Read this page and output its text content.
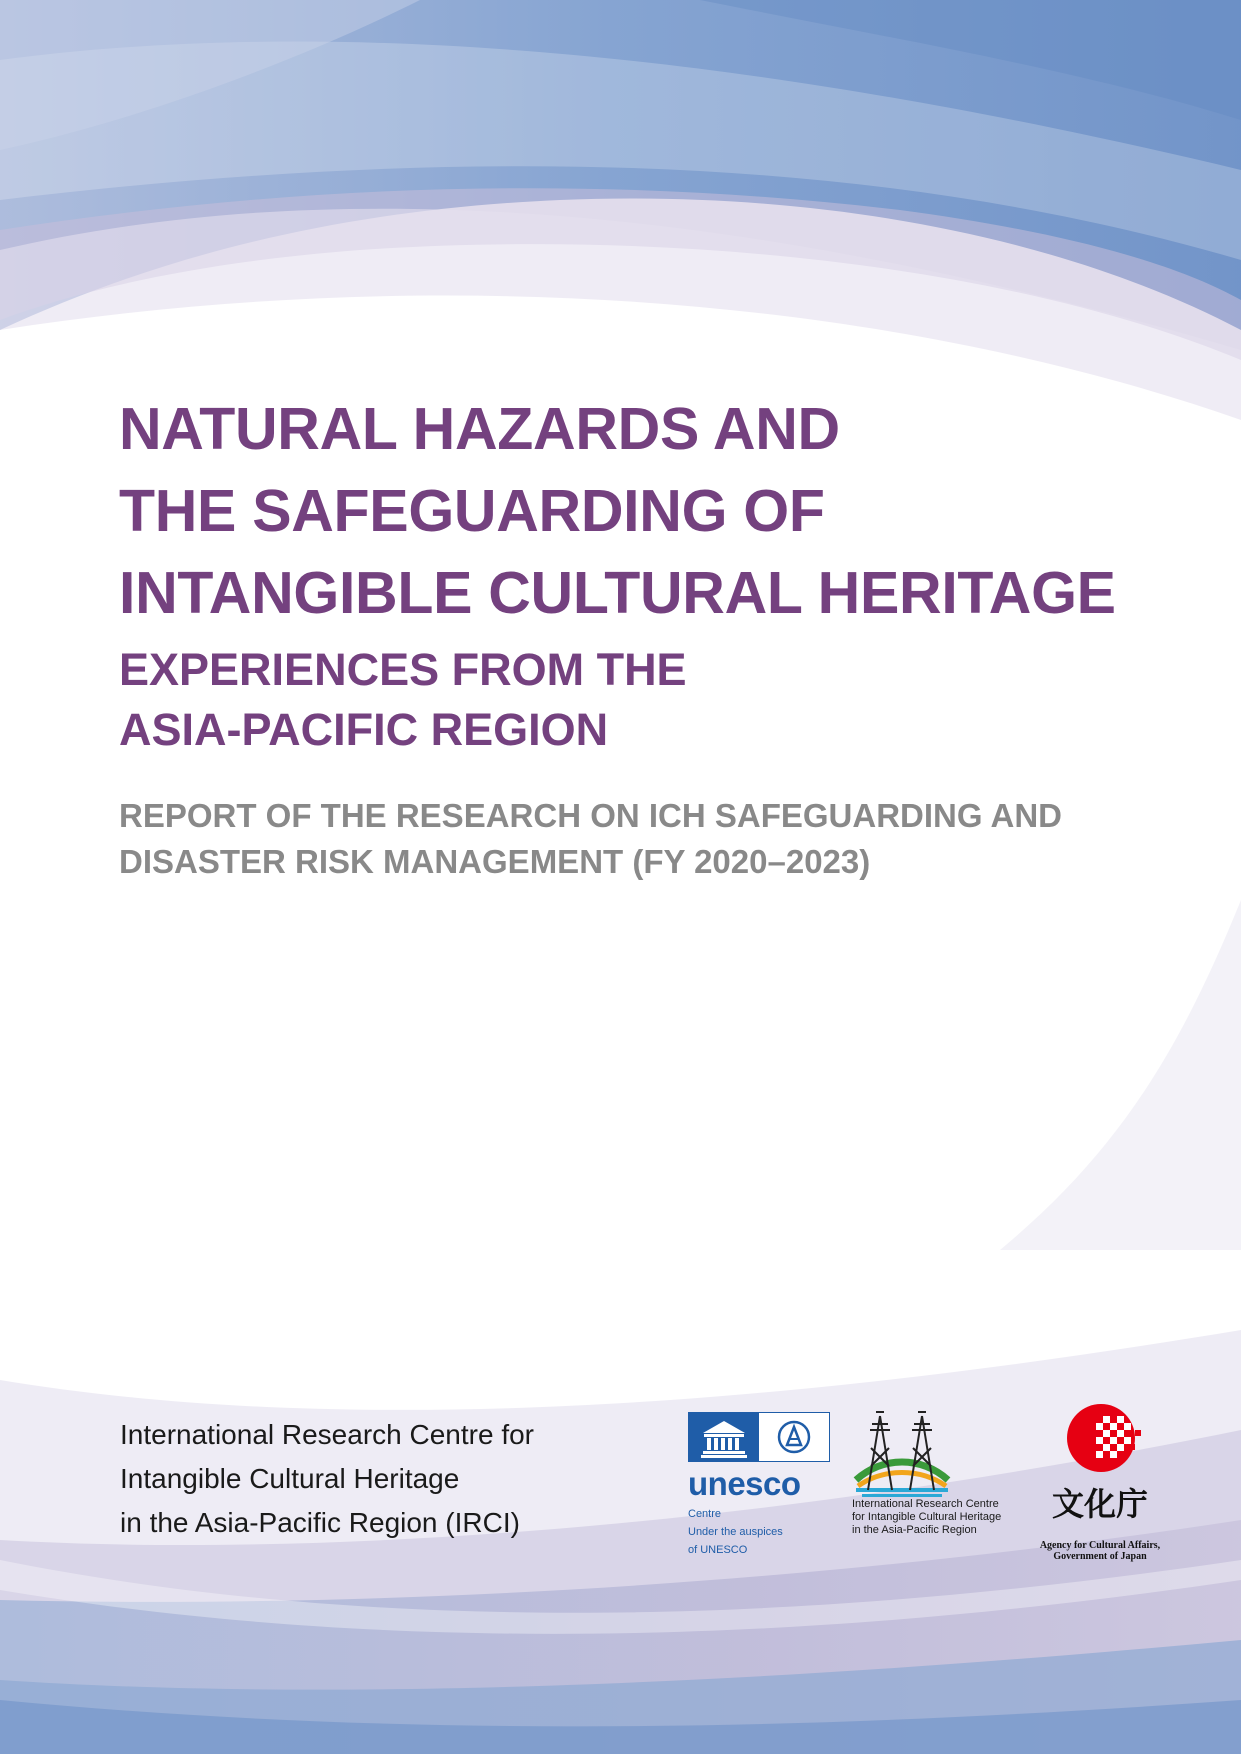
NATURAL HAZARDS AND
THE SAFEGUARDING OF
INTANGIBLE CULTURAL HERITAGE
EXPERIENCES FROM THE
ASIA-PACIFIC REGION
REPORT OF THE RESEARCH ON ICH SAFEGUARDING AND
DISASTER RISK MANAGEMENT (FY 2020–2023)
International Research Centre for
Intangible Cultural Heritage
in the Asia-Pacific Region (IRCI)
unesco
Centre
Under the auspices
of UNESCO
International Research Centre
for Intangible Cultural Heritage
in the Asia-Pacific Region
文化庁
Agency for Cultural Affairs,
Government of Japan
